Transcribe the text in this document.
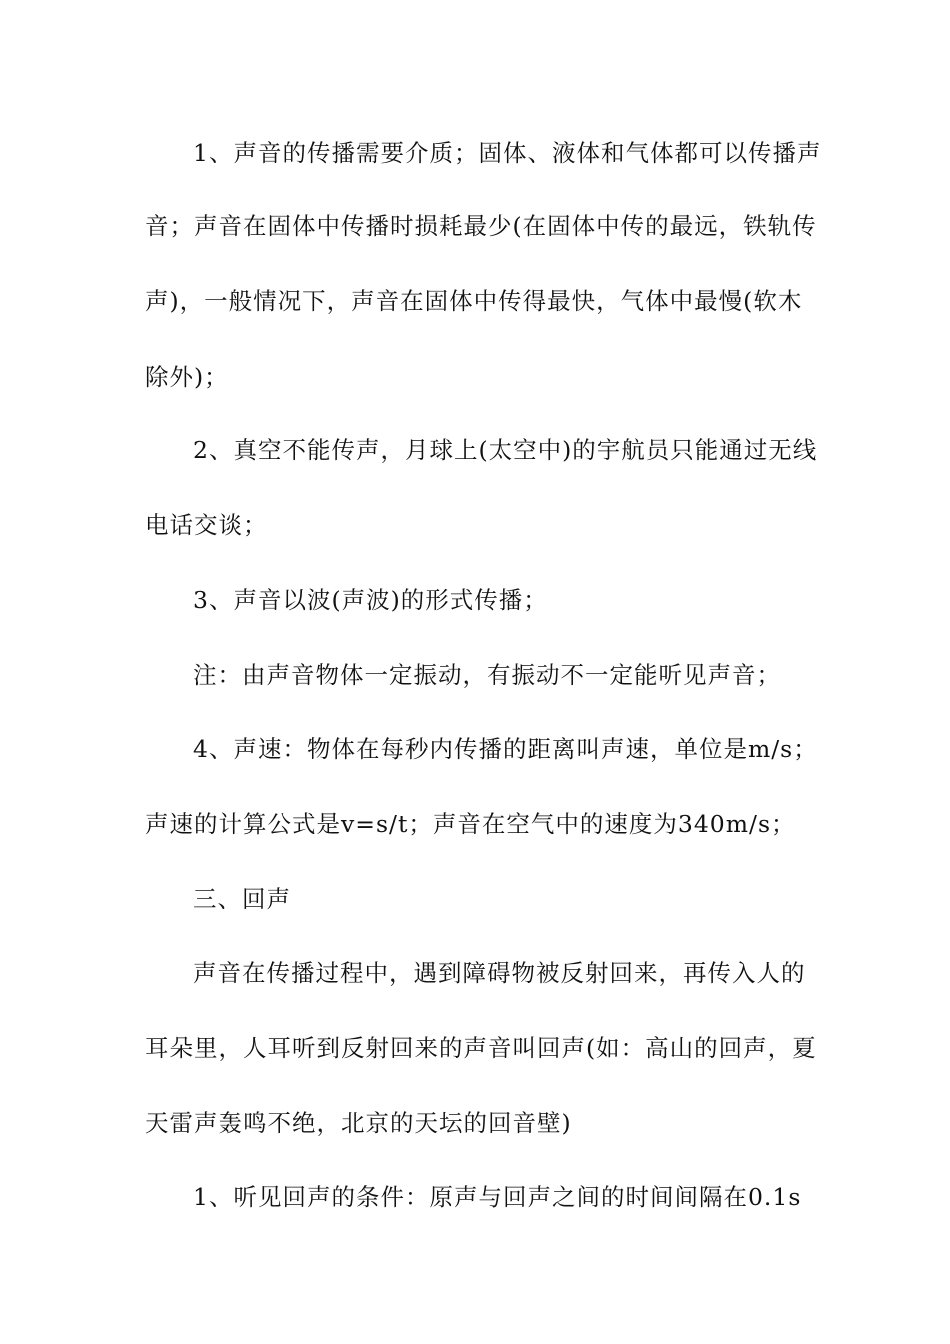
1、声音的传播需要介质；固体、液体和气体都可以传播声
音；声音在固体中传播时损耗最少(在固体中传的最远，铁轨传
声)，一般情况下，声音在固体中传得最快，气体中最慢(软木
除外)；
2、真空不能传声，月球上(太空中)的宇航员只能通过无线
电话交谈；
3、声音以波(声波)的形式传播；
注：由声音物体一定振动，有振动不一定能听见声音；
4、声速：物体在每秒内传播的距离叫声速，单位是m/s；
声速的计算公式是v=s/t；声音在空气中的速度为340m/s；
三、回声
声音在传播过程中，遇到障碍物被反射回来，再传入人的
耳朵里，人耳听到反射回来的声音叫回声(如：高山的回声，夏
天雷声轰鸣不绝，北京的天坛的回音壁)
1、听见回声的条件：原声与回声之间的时间间隔在0.1s
